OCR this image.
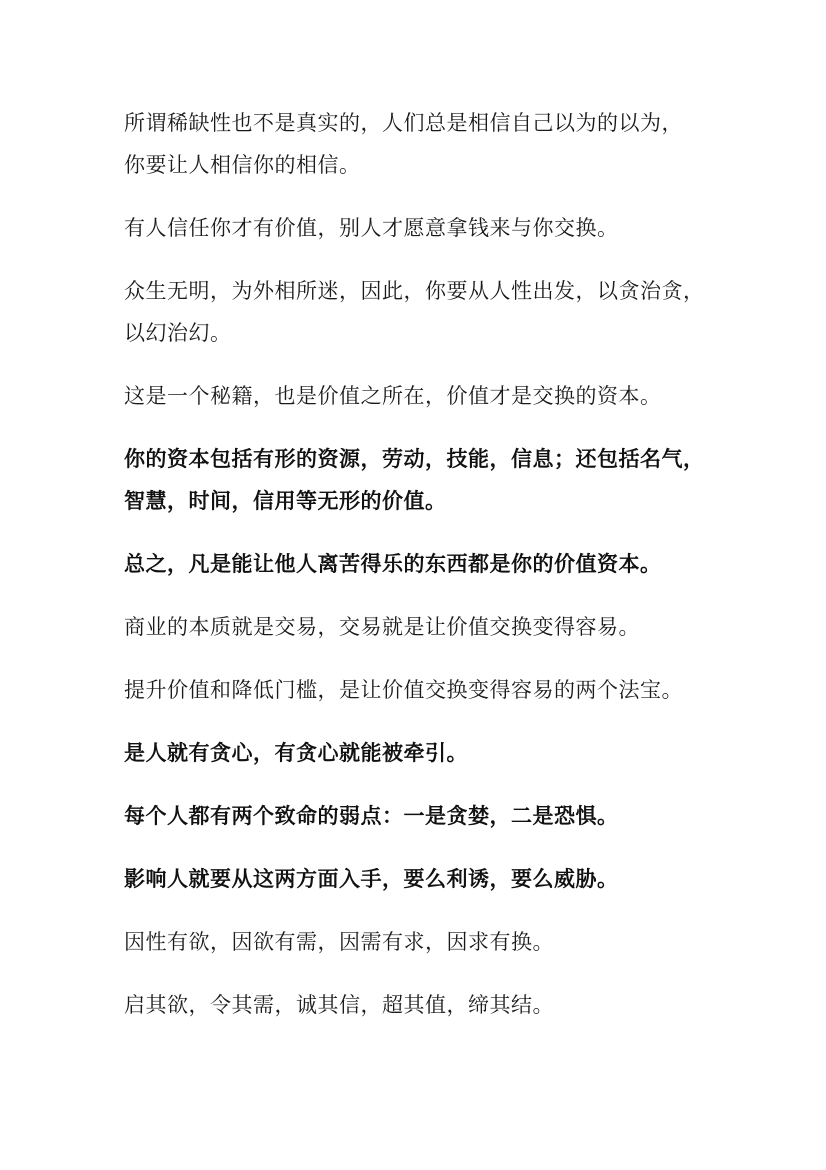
所谓稀缺性也不是真实的，人们总是相信自己以为的以为，
你要让人相信你的相信。

有人信任你才有价值，别人才愿意拿钱来与你交换。

众生无明，为外相所迷，因此，你要从人性出发，以贪治贪，
以幻治幻。

这是一个秘籍，也是价值之所在，价值才是交换的资本。

你的资本包括有形的资源，劳动，技能，信息；还包括名气，
智慧，时间，信用等无形的价值。

总之，凡是能让他人离苦得乐的东西都是你的价值资本。

商业的本质就是交易，交易就是让价值交换变得容易。

提升价值和降低门槛，是让价值交换变得容易的两个法宝。

是人就有贪心，有贪心就能被牵引。

每个人都有两个致命的弱点：一是贪婪，二是恐惧。

影响人就要从这两方面入手，要么利诱，要么威胁。

因性有欲，因欲有需，因需有求，因求有换。

启其欲，令其需，诚其信，超其值，缔其结。
